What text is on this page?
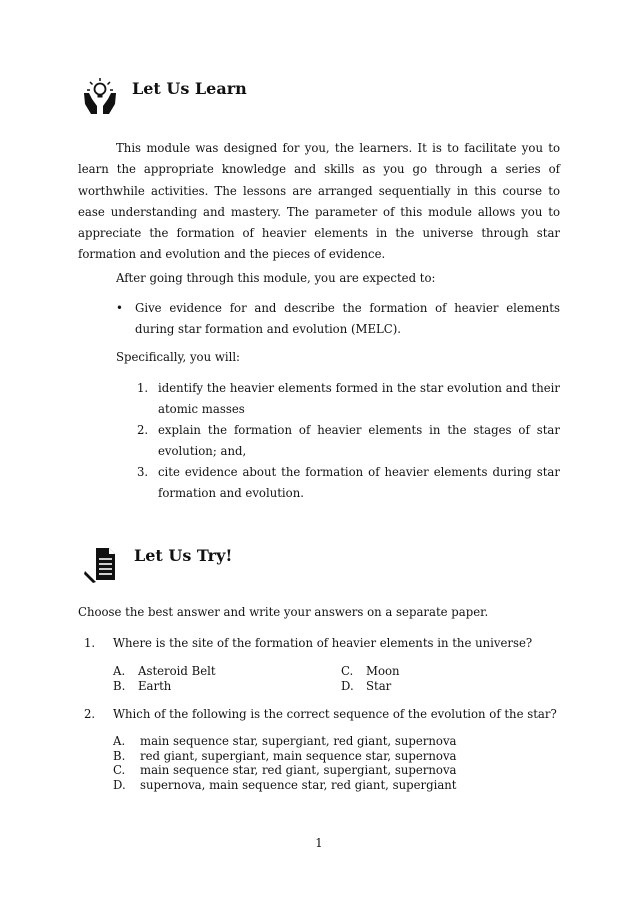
Let Us Learn

This module was designed for you, the learners. It is to facilitate you to learn the appropriate knowledge and skills as you go through a series of worthwhile activities. The lessons are arranged sequentially in this course to ease understanding and mastery. The parameter of this module allows you to appreciate the formation of heavier elements in the universe through star formation and evolution and the pieces of evidence.

After going through this module, you are expected to:

• Give evidence for and describe the formation of heavier elements during star formation and evolution (MELC).

Specifically, you will:

1. identify the heavier elements formed in the star evolution and their atomic masses
2. explain the formation of heavier elements in the stages of star evolution; and,
3. cite evidence about the formation of heavier elements during star formation and evolution.
Let Us Try!

Choose the best answer and write your answers on a separate paper.

1. Where is the site of the formation of heavier elements in the universe?
A.	Asteroid Belt
B.	Earth
C.	Moon
D.	Star
2. Which of the following is the correct sequence of the evolution of the star?
A.	main sequence star, supergiant, red giant, supernova
B.	red giant, supergiant, main sequence star, supernova
C.	main sequence star, red giant, supergiant, supernova
D.	supernova, main sequence star, red giant, supergiant
1
